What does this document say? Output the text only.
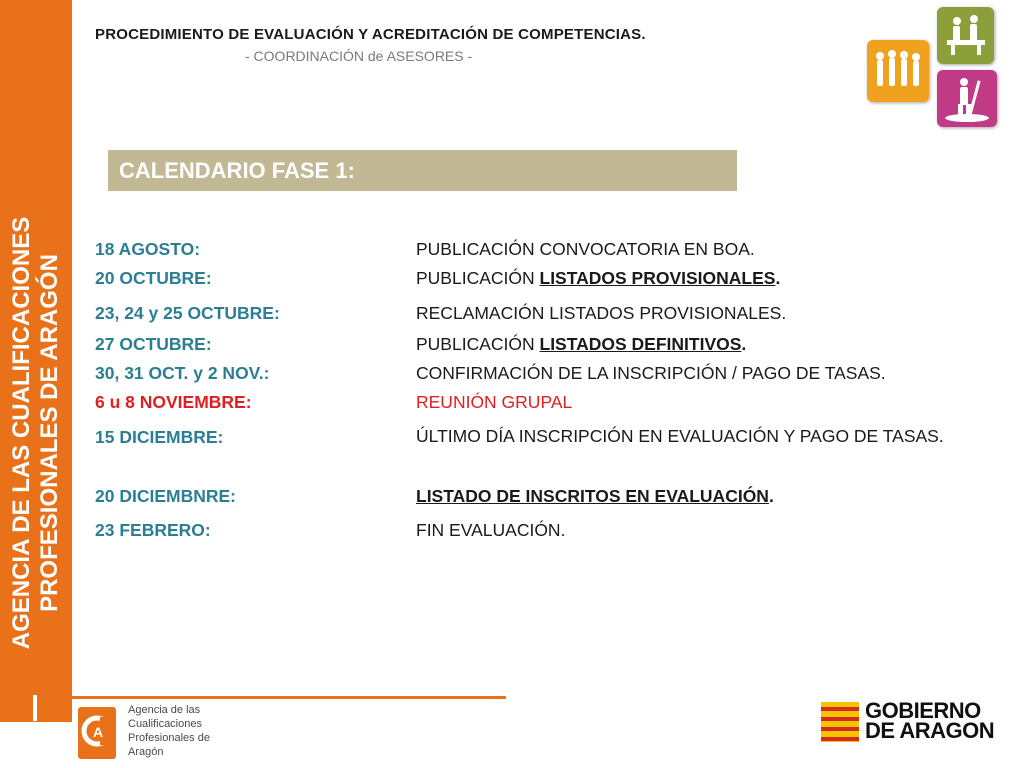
AGENCIA DE LAS CUALIFICACIONES PROFESIONALES DE ARAGÓN
PROCEDIMIENTO DE EVALUACIÓN Y ACREDITACIÓN DE COMPETENCIAS.
- COORDINACIÓN de ASESORES -
CALENDARIO FASE 1:
18 AGOSTO:	PUBLICACIÓN CONVOCATORIA EN BOA.
20 OCTUBRE:	PUBLICACIÓN LISTADOS PROVISIONALES.
23, 24 y 25 OCTUBRE:	RECLAMACIÓN LISTADOS PROVISIONALES.
27 OCTUBRE:	PUBLICACIÓN LISTADOS DEFINITIVOS.
30, 31 OCT. y 2 NOV.:	CONFIRMACIÓN DE LA INSCRIPCIÓN / PAGO DE TASAS.
6 u 8 NOVIEMBRE:	REUNIÓN GRUPAL
15 DICIEMBRE:	ÚLTIMO DÍA INSCRIPCIÓN EN EVALUACIÓN Y PAGO DE TASAS.
20 DICIEMBNRE:	LISTADO DE INSCRITOS EN EVALUACIÓN.
23 FEBRERO:	FIN EVALUACIÓN.
A
Agencia de las Cualificaciones Profesionales de Aragón
GOBIERNO
DE ARAGON
